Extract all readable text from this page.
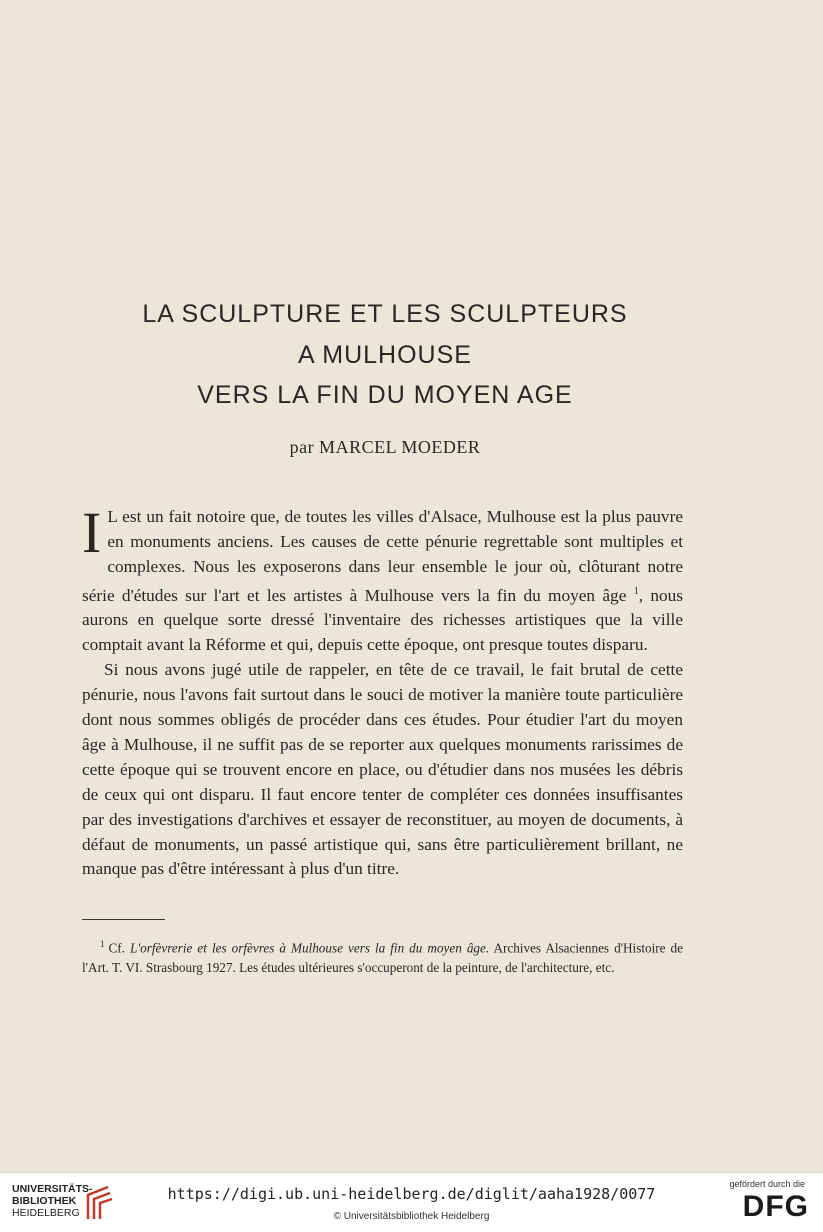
LA SCULPTURE ET LES SCULPTEURS
A MULHOUSE
VERS LA FIN DU MOYEN AGE
par MARCEL MOEDER

I L est un fait notoire que, de toutes les villes d'Alsace, Mulhouse est la plus pauvre en monuments anciens. Les causes de cette pénurie regrettable sont multiples et complexes. Nous les exposerons dans leur ensemble le jour où, clôturant notre série d'études sur l'art et les artistes à Mulhouse vers la fin du moyen âge $^1$, nous aurons en quelque sorte dressé l'inventaire des richesses artistiques que la ville comptait avant la Réforme et qui, depuis cette époque, ont presque toutes disparu.

Si nous avons jugé utile de rappeler, en tête de ce travail, le fait brutal de cette pénurie, nous l'avons fait surtout dans le souci de motiver la manière toute particulière dont nous sommes obligés de procéder dans ces études. Pour étudier l'art du moyen âge à Mulhouse, il ne suffit pas de se reporter aux quelques monuments rarissimes de cette époque qui se trouvent encore en place, ou d'étudier dans nos musées les débris de ceux qui ont disparu. Il faut encore tenter de compléter ces données insuffisantes par des investigations d'archives et essayer de reconstituer, au moyen de documents, à défaut de monuments, un passé artistique qui, sans être particulièrement brillant, ne manque pas d'être intéressant à plus d'un titre.

$^1$ Cf. L'orfèvrerie et les orfèvres à Mulhouse vers la fin du moyen âge. Archives Alsaciennes d'Histoire de l'Art. T. VI. Strasbourg 1927. Les études ultérieures s'occuperont de la peinture, de l'architecture, etc.
UNIVERSITÄTS-
BIBLIOTHEK
HEIDELBERG
https://digi.ub.uni-heidelberg.de/diglit/aaha1928/0077
© Universitätsbibliothek Heidelberg
gefördert durch die
DFG
